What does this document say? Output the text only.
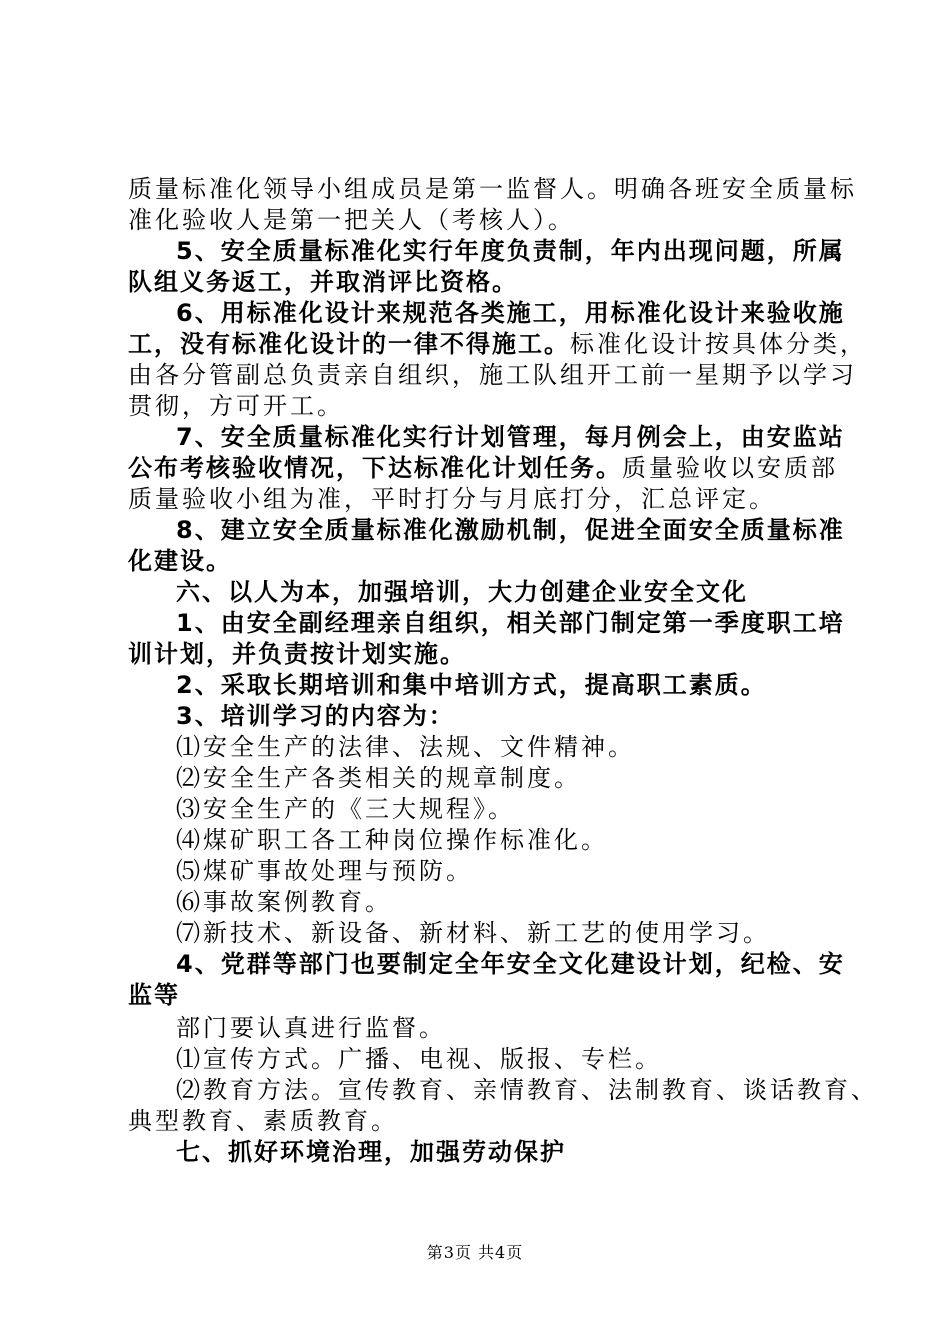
质量标准化领导小组成员是第一监督人。明确各班安全质量标

准化验收人是第一把关人（考核人）。

5、安全质量标准化实行年度负责制，年内出现问题，所属

队组义务返工，并取消评比资格。

6、用标准化设计来规范各类施工，用标准化设计来验收施

工，没有标准化设计的一律不得施工。标准化设计按具体分类，

由各分管副总负责亲自组织，施工队组开工前一星期予以学习

贯彻，方可开工。

7、安全质量标准化实行计划管理，每月例会上，由安监站

公布考核验收情况，下达标准化计划任务。质量验收以安质部

质量验收小组为准，平时打分与月底打分，汇总评定。

8、建立安全质量标准化激励机制，促进全面安全质量标准

化建设。

六、以人为本，加强培训，大力创建企业安全文化

1、由安全副经理亲自组织，相关部门制定第一季度职工培

训计划，并负责按计划实施。

2、采取长期培训和集中培训方式，提高职工素质。

3、培训学习的内容为：

⑴安全生产的法律、法规、文件精神。

⑵安全生产各类相关的规章制度。

⑶安全生产的《三大规程》。

⑷煤矿职工各工种岗位操作标准化。

⑸煤矿事故处理与预防。

⑹事故案例教育。

⑺新技术、新设备、新材料、新工艺的使用学习。

4、党群等部门也要制定全年安全文化建设计划，纪检、安

监等

部门要认真进行监督。

⑴宣传方式。广播、电视、版报、专栏。

⑵教育方法。宣传教育、亲情教育、法制教育、谈话教育、

典型教育、素质教育。

七、抓好环境治理，加强劳动保护

第3页 共4页
